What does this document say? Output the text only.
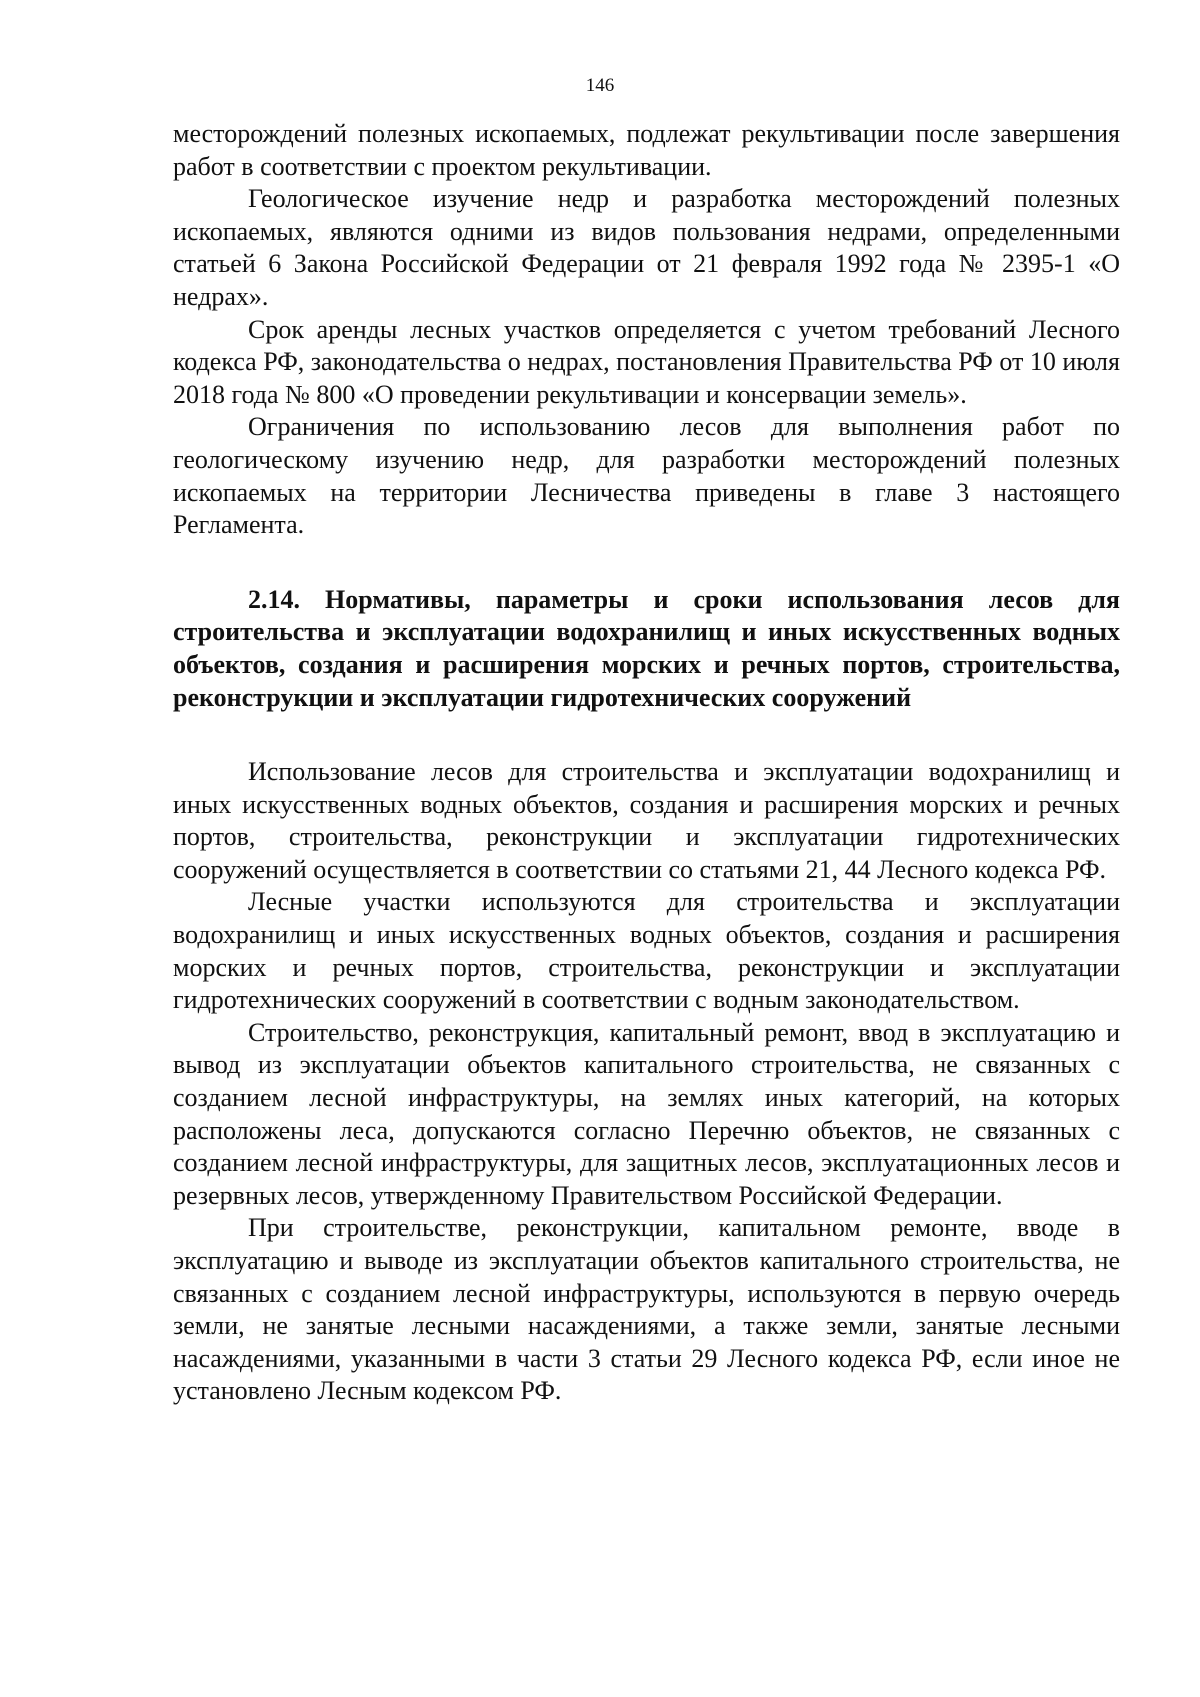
146

месторождений полезных ископаемых, подлежат рекультивации после завершения работ в соответствии с проектом рекультивации.

Геологическое изучение недр и разработка месторождений полезных ископаемых, являются одними из видов пользования недрами, определенными статьей 6 Закона Российской Федерации от 21 февраля 1992 года № 2395-1 «О недрах».

Срок аренды лесных участков определяется с учетом требований Лесного кодекса РФ, законодательства о недрах, постановления Правительства РФ от 10 июля 2018 года № 800 «О проведении рекультивации и консервации земель».

Ограничения по использованию лесов для выполнения работ по геологическому изучению недр, для разработки месторождений полезных ископаемых на территории Лесничества приведены в главе 3 настоящего Регламента.

2.14. Нормативы, параметры и сроки использования лесов для строительства и эксплуатации водохранилищ и иных искусственных водных объектов, создания и расширения морских и речных портов, строительства, реконструкции и эксплуатации гидротехнических сооружений

Использование лесов для строительства и эксплуатации водохранилищ и иных искусственных водных объектов, создания и расширения морских и речных портов, строительства, реконструкции и эксплуатации гидротехнических сооружений осуществляется в соответствии со статьями 21, 44 Лесного кодекса РФ.

Лесные участки используются для строительства и эксплуатации водохранилищ и иных искусственных водных объектов, создания и расширения морских и речных портов, строительства, реконструкции и эксплуатации гидротехнических сооружений в соответствии с водным законодательством.

Строительство, реконструкция, капитальный ремонт, ввод в эксплуатацию и вывод из эксплуатации объектов капитального строительства, не связанных с созданием лесной инфраструктуры, на землях иных категорий, на которых расположены леса, допускаются согласно Перечню объектов, не связанных с созданием лесной инфраструктуры, для защитных лесов, эксплуатационных лесов и резервных лесов, утвержденному Правительством Российской Федерации.

При строительстве, реконструкции, капитальном ремонте, вводе в эксплуатацию и выводе из эксплуатации объектов капитального строительства, не связанных с созданием лесной инфраструктуры, используются в первую очередь земли, не занятые лесными насаждениями, а также земли, занятые лесными насаждениями, указанными в части 3 статьи 29 Лесного кодекса РФ, если иное не установлено Лесным кодексом РФ.
